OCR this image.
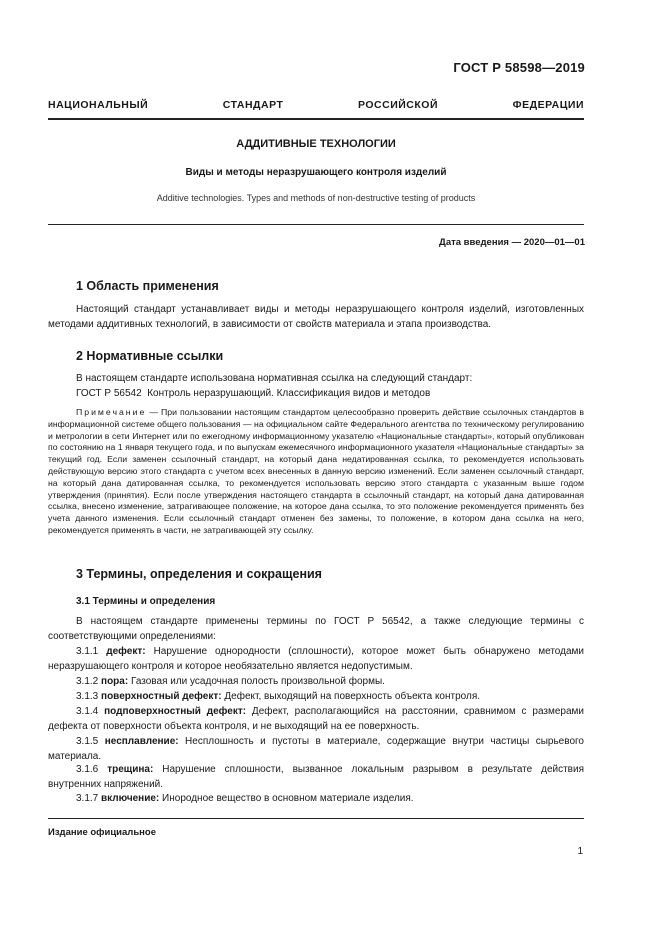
ГОСТ Р 58598—2019
НАЦИОНАЛЬНЫЙ СТАНДАРТ РОССИЙСКОЙ ФЕДЕРАЦИИ
АДДИТИВНЫЕ ТЕХНОЛОГИИ
Виды и методы неразрушающего контроля изделий
Additive technologies. Types and methods of non-destructive testing of products
Дата введения — 2020—01—01
1 Область применения
Настоящий стандарт устанавливает виды и методы неразрушающего контроля изделий, изготовленных методами аддитивных технологий, в зависимости от свойств материала и этапа производства.
2 Нормативные ссылки
В настоящем стандарте использована нормативная ссылка на следующий стандарт:
ГОСТ Р 56542  Контроль неразрушающий. Классификация видов и методов
Примечание — При пользовании настоящим стандартом целесообразно проверить действие ссылочных стандартов в информационной системе общего пользования — на официальном сайте Федерального агентства по техническому регулированию и метрологии в сети Интернет или по ежегодному информационному указателю «Национальные стандарты», который опубликован по состоянию на 1 января текущего года, и по выпускам ежемесячного информационного указателя «Национальные стандарты» за текущий год. Если заменен ссылочный стандарт, на который дана недатированная ссылка, то рекомендуется использовать действующую версию этого стандарта с учетом всех внесенных в данную версию изменений. Если заменен ссылочный стандарт, на который дана датированная ссылка, то рекомендуется использовать версию этого стандарта с указанным выше годом утверждения (принятия). Если после утверждения настоящего стандарта в ссылочный стандарт, на который дана датированная ссылка, внесено изменение, затрагивающее положение, на которое дана ссылка, то это положение рекомендуется применять без учета данного изменения. Если ссылочный стандарт отменен без замены, то положение, в котором дана ссылка на него, рекомендуется применять в части, не затрагивающей эту ссылку.
3 Термины, определения и сокращения
3.1 Термины и определения
В настоящем стандарте применены термины по ГОСТ Р 56542, а также следующие термины с соответствующими определениями:
3.1.1 дефект: Нарушение однородности (сплошности), которое может быть обнаружено методами неразрушающего контроля и которое необязательно является недопустимым.
3.1.2 пора: Газовая или усадочная полость произвольной формы.
3.1.3 поверхностный дефект: Дефект, выходящий на поверхность объекта контроля.
3.1.4 подповерхностный дефект: Дефект, располагающийся на расстоянии, сравнимом с размерами дефекта от поверхности объекта контроля, и не выходящий на ее поверхность.
3.1.5 несплавление: Несплошность и пустоты в материале, содержащие внутри частицы сырьевого материала.
3.1.6 трещина: Нарушение сплошности, вызванное локальным разрывом в результате действия внутренних напряжений.
3.1.7 включение: Инородное вещество в основном материале изделия.
Издание официальное
1
